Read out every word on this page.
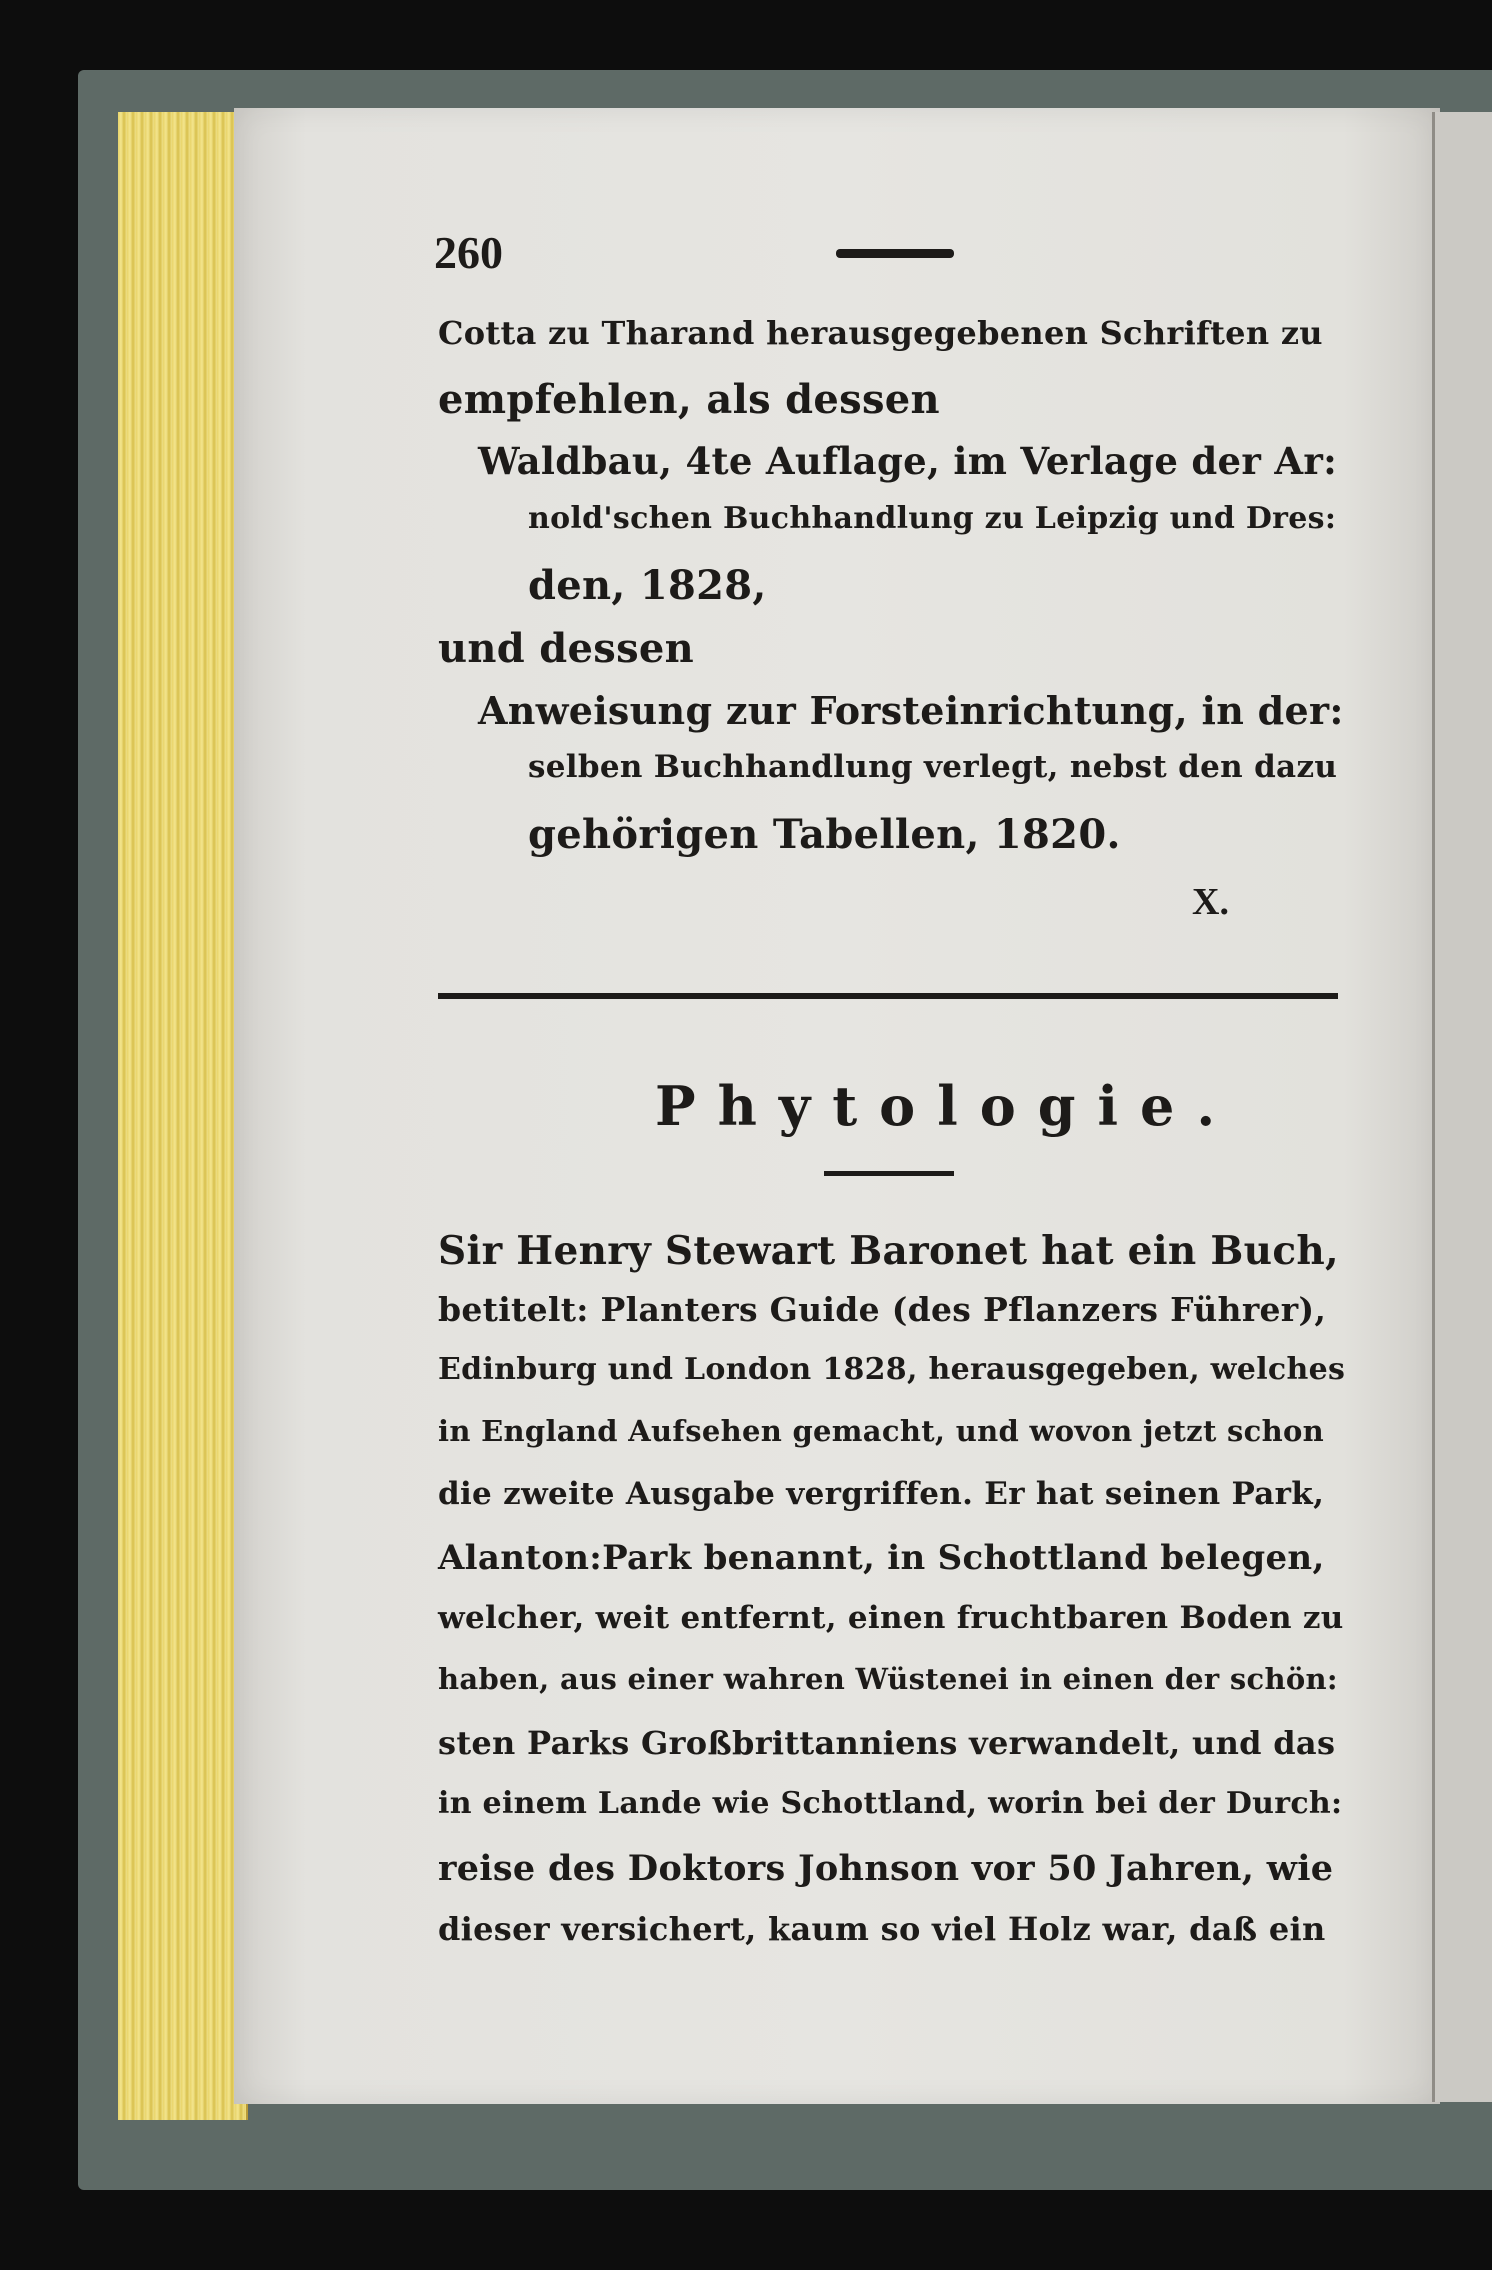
260
Cotta zu Tharand herausgegebenen Schriften zu
empfehlen, als dessen
Waldbau, 4te Auflage, im Verlage der Ar:
nold'schen Buchhandlung zu Leipzig und Dres:
den, 1828,
und dessen
Anweisung zur Forsteinrichtung, in der:
selben Buchhandlung verlegt, nebst den dazu
gehörigen Tabellen, 1820.
X.
Phytologie.
Sir Henry Stewart Baronet hat ein Buch,
betitelt: Planters Guide (des Pflanzers Führer),
Edinburg und London 1828, herausgegeben, welches
in England Aufsehen gemacht, und wovon jetzt schon
die zweite Ausgabe vergriffen. Er hat seinen Park,
Alanton:Park benannt, in Schottland belegen,
welcher, weit entfernt, einen fruchtbaren Boden zu
haben, aus einer wahren Wüstenei in einen der schön:
sten Parks Großbrittanniens verwandelt, und das
in einem Lande wie Schottland, worin bei der Durch:
reise des Doktors Johnson vor 50 Jahren, wie
dieser versichert, kaum so viel Holz war, daß ein
